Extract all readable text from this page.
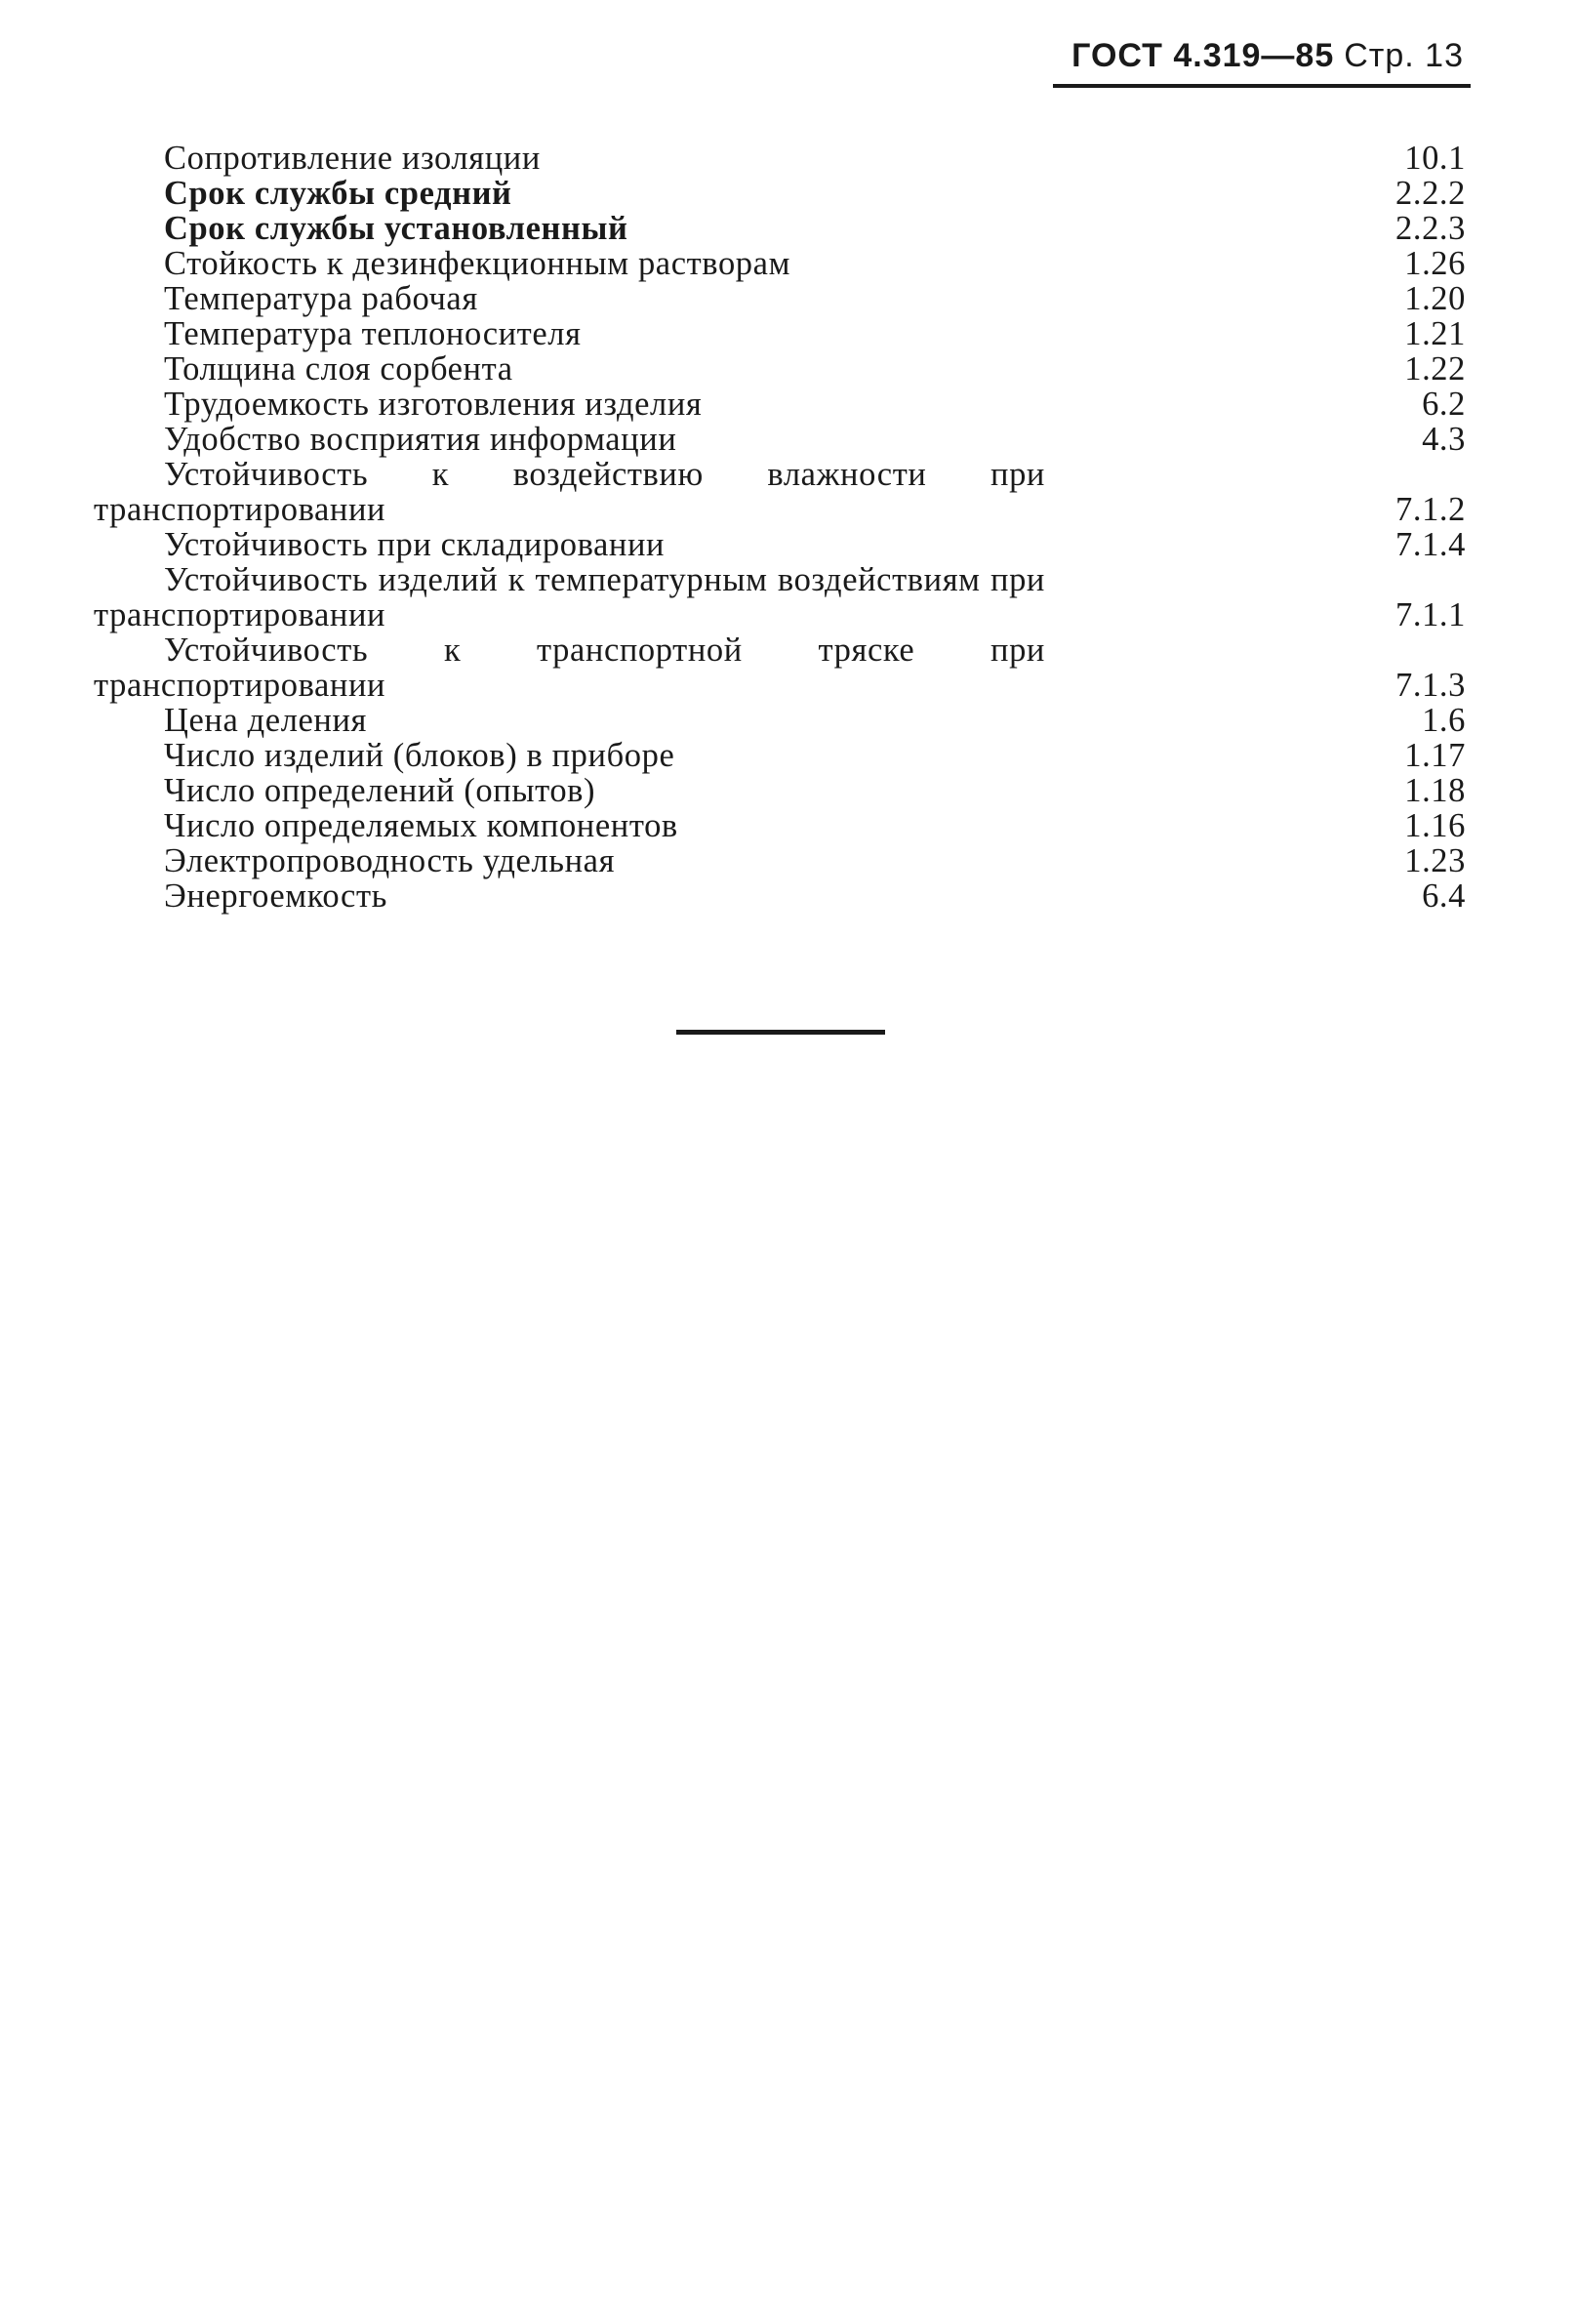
ГОСТ 4.319—85 Стр. 13
Сопротивление изоляции	10.1
Срок службы средний	2.2.2
Срок службы установленный	2.2.3
Стойкость к дезинфекционным растворам	1.26
Температура рабочая	1.20
Температура теплоносителя	1.21
Толщина слоя сорбента	1.22
Трудоемкость изготовления изделия	6.2
Удобство восприятия информации	4.3
Устойчивость к воздействию влажности при транспортировании	7.1.2
Устойчивость при складировании	7.1.4
Устойчивость изделий к температурным воздействиям при транспортировании	7.1.1
Устойчивость к транспортной тряске при транспортировании	7.1.3
Цена деления	1.6
Число изделий (блоков) в приборе	1.17
Число определений (опытов)	1.18
Число определяемых компонентов	1.16
Электропроводность удельная	1.23
Энергоемкость	6.4
